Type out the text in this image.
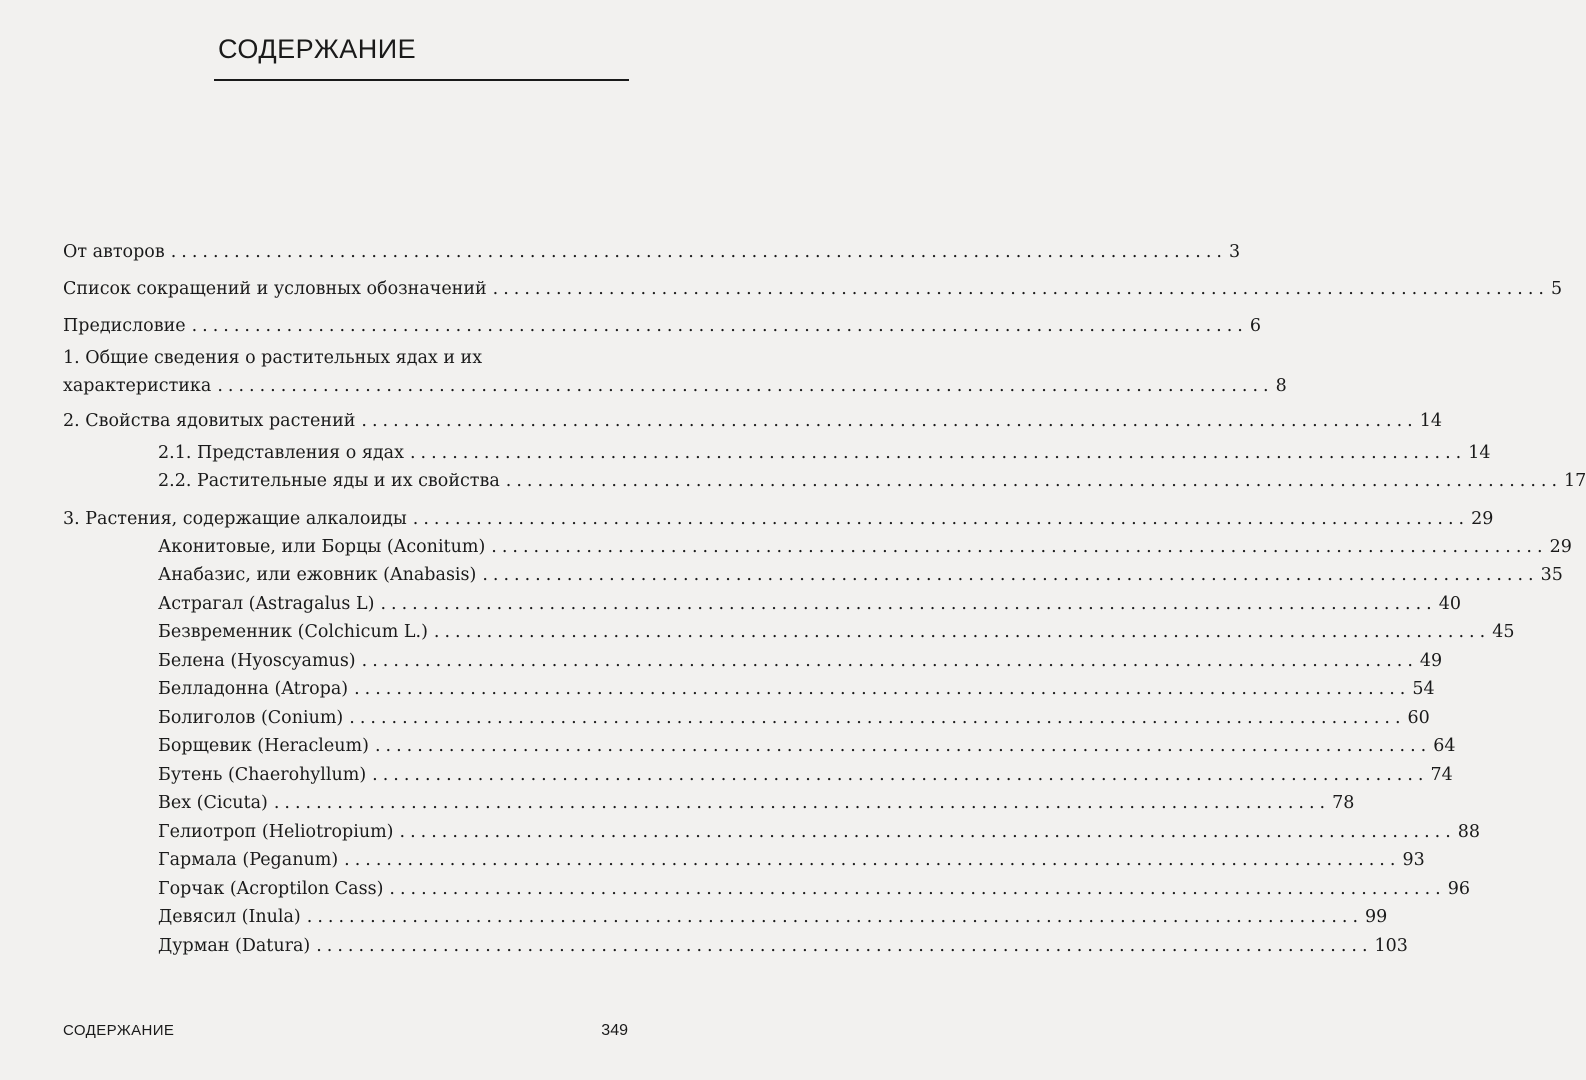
СОДЕРЖАНИЕ
От авторов .................................................................................................... 3
Список сокращений и условных обозначений .................................................................................................... 5
Предисловие .................................................................................................... 6
1. Общие сведения о растительных ядах и их
характеристика .................................................................................................... 8
2. Свойства ядовитых растений .................................................................................................... 14
2.1. Представления о ядах .................................................................................................... 14
2.2. Растительные яды и их свойства .................................................................................................... 17
3. Растения, содержащие алкалоиды .................................................................................................... 29
Аконитовые, или Борцы (Aconitum) .................................................................................................... 29
Анабазис, или ежовник (Anabasis) .................................................................................................... 35
Астрагал (Astragalus L) .................................................................................................... 40
Безвременник (Colchicum L.) .................................................................................................... 45
Белена (Hyoscyamus) .................................................................................................... 49
Белладонна (Atropa) .................................................................................................... 54
Болиголов (Conium) .................................................................................................... 60
Борщевик (Heracleum) .................................................................................................... 64
Бутень (Chaerohyllum) .................................................................................................... 74
Вех (Cicuta) .................................................................................................... 78
Гелиотроп (Heliotropium) .................................................................................................... 88
Гармала (Peganum) .................................................................................................... 93
Горчак (Acroptilon Cass) .................................................................................................... 96
Девясил (Inula) .................................................................................................... 99
Дурман (Datura) .................................................................................................... 103
СОДЕРЖАНИЕ	349
